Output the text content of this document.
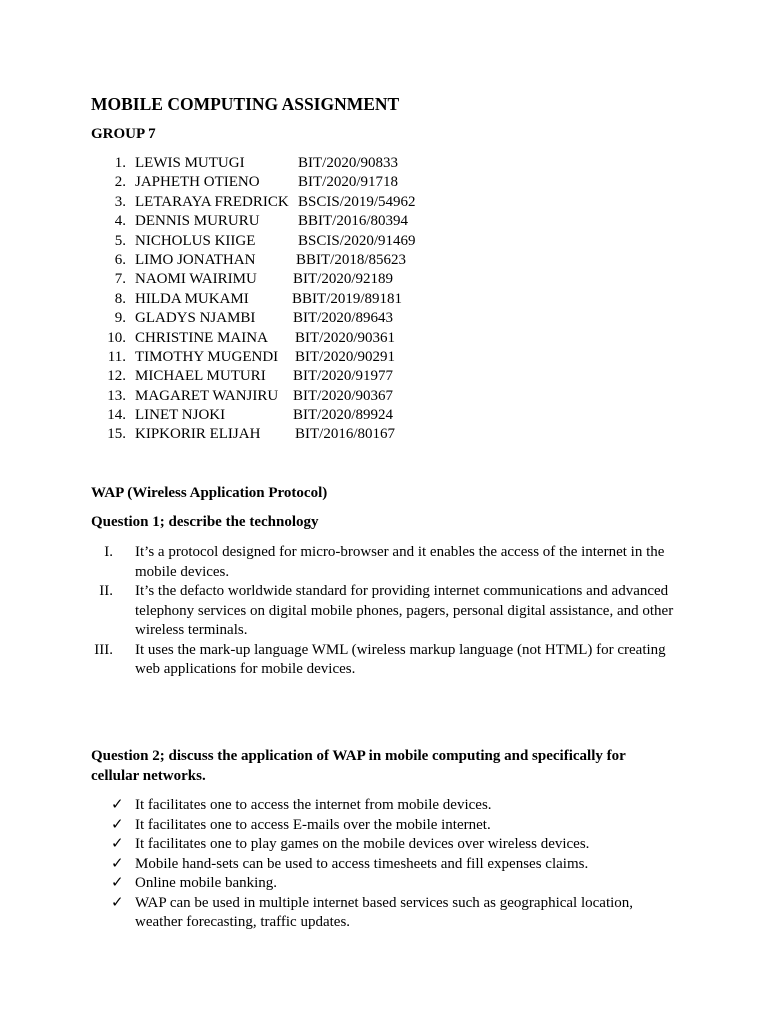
MOBILE COMPUTING ASSIGNMENT

GROUP 7

1. LEWIS MUTUGI	BIT/2020/90833
2. JAPHETH OTIENO	BIT/2020/91718
3. LETARAYA FREDRICK BSCIS/2019/54962
4. DENNIS MURURU	BBIT/2016/80394
5. NICHOLUS KIIGE	BSCIS/2020/91469
6. LIMO JONATHAN	BBIT/2018/85623
7. NAOMI WAIRIMU BIT/2020/92189
8. HILDA MUKAMI	BBIT/2019/89181
9. GLADYS NJAMBI	BIT/2020/89643
10. CHRISTINE MAINA BIT/2020/90361
11. TIMOTHY MUGENDI BIT/2020/90291
12. MICHAEL MUTURI BIT/2020/91977
13. MAGARET WANJIRU BIT/2020/90367
14. LINET NJOKI	BIT/2020/89924
15. KIPKORIR ELIJAH BIT/2016/80167

WAP (Wireless Application Protocol)

Question 1; describe the technology

I. It’s a protocol designed for micro-browser and it enables the access of the internet in the mobile devices.
II. It’s the defacto worldwide standard for providing internet communications and advanced telephony services on digital mobile phones, pagers, personal digital assistance, and other wireless terminals.
III. It uses the mark-up language WML (wireless markup language (not HTML) for creating web applications for mobile devices.

Question 2; discuss the application of WAP in mobile computing and specifically for cellular networks.

✓ It facilitates one to access the internet from mobile devices.
✓ It facilitates one to access E-mails over the mobile internet.
✓ It facilitates one to play games on the mobile devices over wireless devices.
✓ Mobile hand-sets can be used to access timesheets and fill expenses claims.
✓ Online mobile banking.
✓ WAP can be used in multiple internet based services such as geographical location, weather forecasting, traffic updates.
